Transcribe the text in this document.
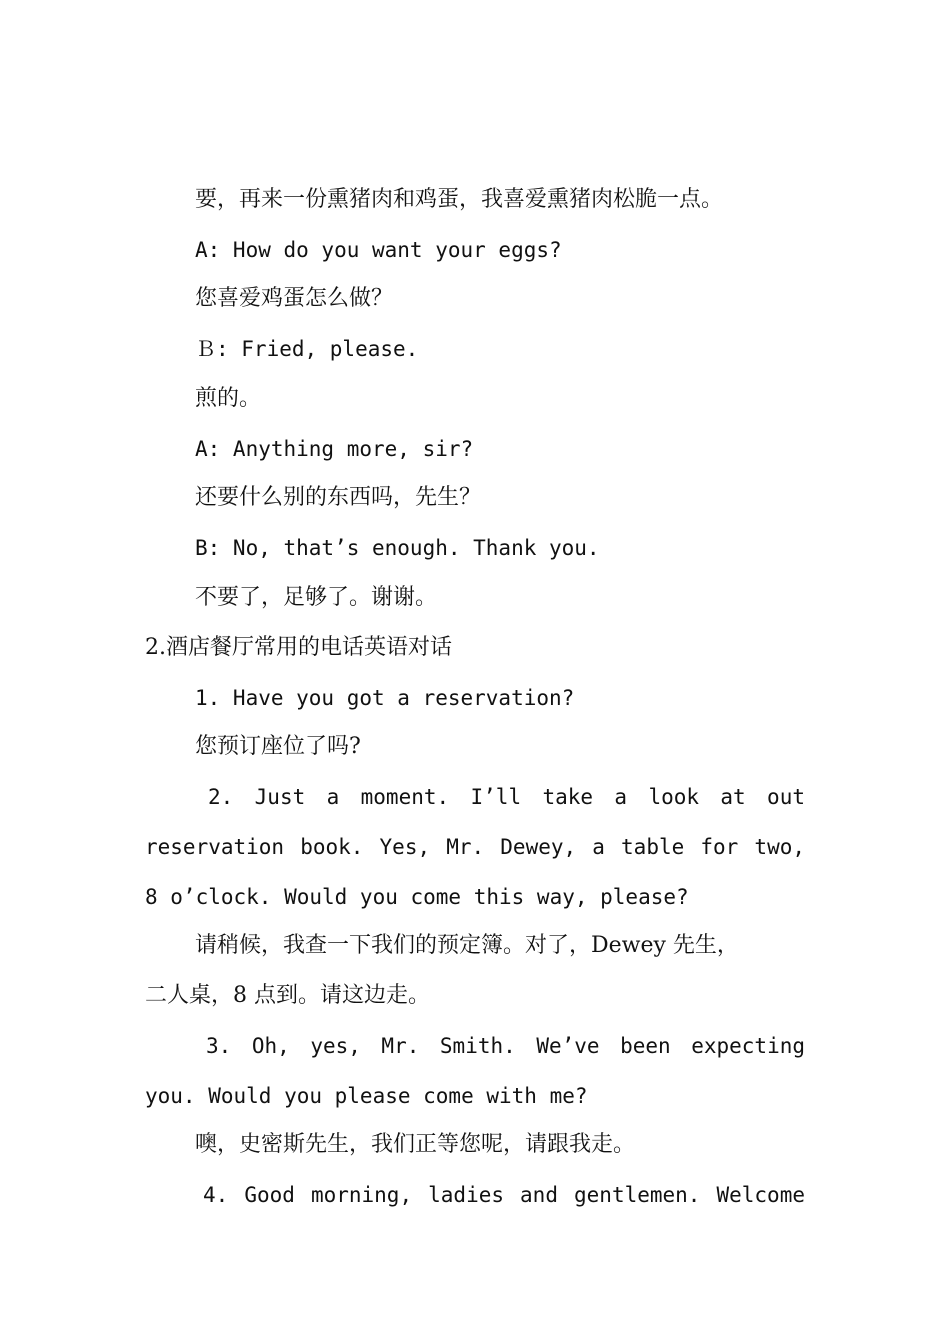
要，再来一份熏猪肉和鸡蛋，我喜爱熏猪肉松脆一点。
A: How do you want your eggs?
您喜爱鸡蛋怎么做？
Ｂ: Fried, please.
煎的。
A: Anything more, sir?
还要什么别的东西吗，先生？
B: No, that’s enough. Thank you.
不要了，足够了。谢谢。
2.酒店餐厅常用的电话英语对话
1. Have you got a reservation?
您预订座位了吗?
2. Just a moment. I’ll take a look at out
reservation book. Yes, Mr. Dewey, a table for two,
8 o’clock. Would you come this way, please?
请稍候，我查一下我们的预定簿。对了，Dewey 先生，
二人桌，8 点到。请这边走。
3. Oh, yes, Mr. Smith. We’ve been expecting
you. Would you please come with me?
噢，史密斯先生，我们正等您呢，请跟我走。
4. Good morning, ladies and gentlemen. Welcome
